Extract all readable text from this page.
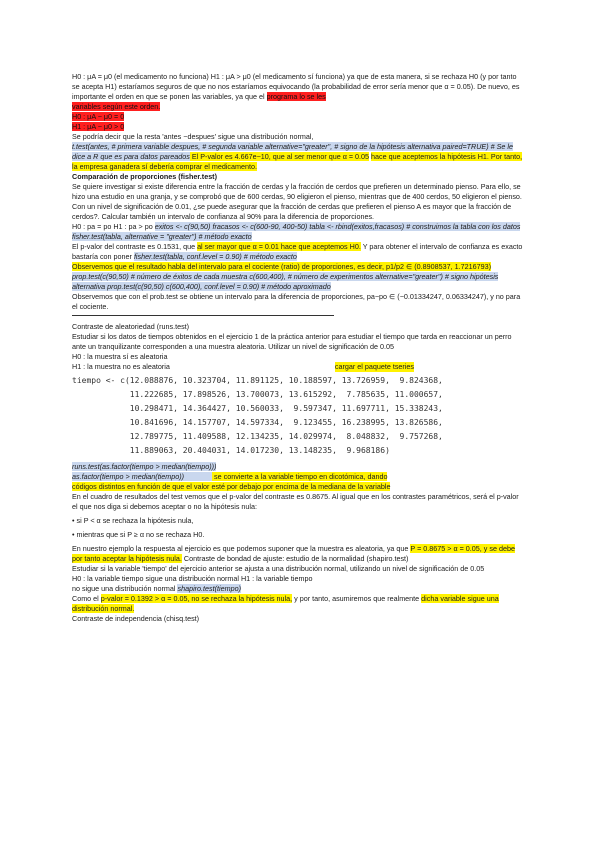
H0 : μA = μ0 (el medicamento no funciona) H1 : μA > μ0 (el medicamento sí funciona) ya que de esta manera, si se rechaza H0 (y por tanto se acepta H1) estaríamos seguros de que no nos estaríamos equivocando (la probabilidad de error sería menor que α = 0.05). De nuevo, es importante el orden en que se ponen las variables, ya que el programa lo se les
variables según este orden.

H0 : μA − μ0 = 0

H1 : μA − μ0 > 0

Se podría decir que la resta 'antes −despues' sigue una distribución normal,

t.test(antes, # primera variable despues, # segunda variable alternative="greater", # signo de la hipótesis alternativa paired=TRUE) # Se le dice a R que es para datos pareados El P-valor es 4.667e−10, que al ser menor que α = 0.05 hace que aceptemos la hipótesis H1. Por tanto, la empresa ganadera sí debería comprar el medicamento.

Comparación de proporciones (fisher.test)

Se quiere investigar si existe diferencia entre la fracción de cerdas y la fracción de cerdos que prefieren un determinado pienso. Para ello, se hizo una estudio en una granja, y se comprobó que de 600 cerdas, 90 eligieron el pienso, mientras que de 400 cerdos, 50 eligieron el pienso. Con un nivel de significación de 0.01, ¿se puede asegurar que la fracción de cerdas que prefieren el pienso A es mayor que la fracción de cerdos?. Calcular también un intervalo de confianza al 90% para la diferencia de proporciones.

H0 : pa = po H1 : pa > po exitos <- c(90,50) fracasos <- c(600-90, 400-50) tabla <- rbind(exitos,fracasos) # construimos la tabla con los datos fisher.test(tabla, alternative = "greater") # método exacto

El p-valor del contraste es 0.1531, que al ser mayor que α = 0.01 hace que aceptemos H0. Y para obtener el intervalo de confianza es exacto bastaría con poner fisher.test(tabla, conf.level = 0.90) # método exacto

Observemos que el resultado habla del intervalo para el cociente (ratio) de proporciones, es decir, p1/p2 ∈ (0.8908537, 1.7216793)

prop.test(c(90,50) # número de éxitos de cada muestra c(600,400), # número de experimentos alternative="greater") # signo hipótesis alternativa prop.test(c(90,50) c(600,400), conf.level = 0.90) # método aproximado

Observemos que con el prob.test se obtiene un intervalo para la diferencia de proporciones, pa−po ∈ (−0.01334247, 0.06334247), y no para el cociente.

Contraste de aleatoriedad (runs.test)

Estudiar si los datos de tiempos obtenidos en el ejercicio 1 de la práctica anterior para estudiar el tiempo que tarda en reaccionar un perro ante un tranquilizante corresponden a una muestra aleatoria. Utilizar un nivel de significación de 0.05

H0 : la muestra sí es aleatoria

H1 : la muestra no es aleatoria	cargar el paquete tseries

tiempo <- c(12.088876, 10.323704, 11.891125, 10.188597, 13.726959,  9.824368,
11.222685, 17.898526, 13.700073, 13.615292,  7.785635, 11.000657,
10.298471, 14.364427, 10.560033,  9.597347, 11.697711, 15.338243,
10.841696, 14.157707, 14.597334,  9.123455, 16.238995, 13.826586,
12.789775, 11.409588, 12.134235, 14.029974,  8.048832,  9.757268,
11.889063, 20.404031, 14.017230, 13.148235,  9.968186)

runs.test(as.factor(tiempo > median(tiempo)))

as.factor(tiempo > median(tiempo))	se convierte a la variable tiempo en dicotómica, dando

códigos distintos en función de que el valor esté por debajo por encima de la mediana de la variable

En el cuadro de resultados del test vemos que el p-valor del contraste es 0.8675. Al igual que en los contrastes paramétricos, será el p-valor el que nos diga si debemos aceptar o no la hipótesis nula:

• si P < α se rechaza la hipótesis nula,

• mientras que si P ≥ α no se rechaza H0.

En nuestro ejemplo la respuesta al ejercicio es que podemos suponer que la muestra es aleatoria, ya que P = 0.8675 > α = 0.05, y se debe por tanto aceptar la hipótesis nula. Contraste de bondad de ajuste: estudio de la normalidad (shapiro.test)

Estudiar si la variable 'tiempo' del ejercicio anterior se ajusta a una distribución normal, utilizando un nivel de significación de 0.05

H0 : la variable tiempo sigue una distribución normal H1 : la variable tiempo

no sigue una distribución normal shapiro.test(tiempo)

Como el p-valor = 0.1392 > α = 0.05, no se rechaza la hipótesis nula, y por tanto, asumiremos que realmente dicha variable sigue una distribución normal.

Contraste de independencia (chisq.test)
